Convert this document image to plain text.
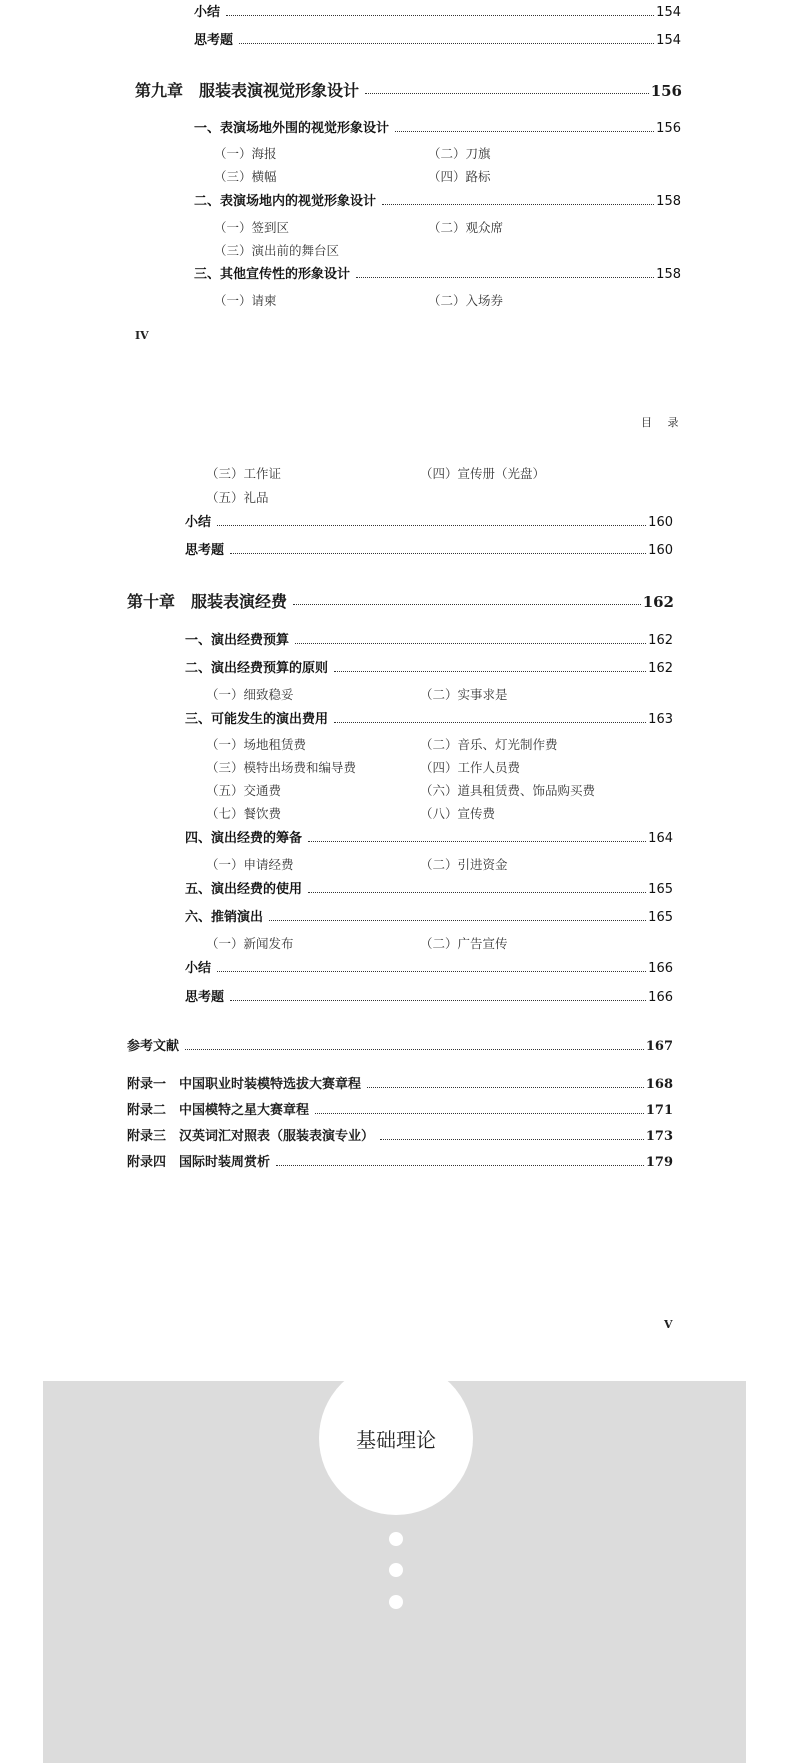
小结	154
思考题	154
第九章　服装表演视觉形象设计	156
一、表演场地外围的视觉形象设计	156
（一）海报	（二）刀旗
（三）横幅	（四）路标
二、表演场地内的视觉形象设计	158
（一）签到区	（二）观众席
（三）演出前的舞台区
三、其他宣传性的形象设计	158
（一）请柬	（二）入场券
IV
目 录
（三）工作证	（四）宣传册（光盘）
（五）礼品
小结	160
思考题	160
第十章　服装表演经费	162
一、演出经费预算	162
二、演出经费预算的原则	162
（一）细致稳妥	（二）实事求是
三、可能发生的演出费用	163
（一）场地租赁费	（二）音乐、灯光制作费
（三）模特出场费和编导费	（四）工作人员费
（五）交通费	（六）道具租赁费、饰品购买费
（七）餐饮费	（八）宣传费
四、演出经费的筹备	164
（一）申请经费	（二）引进资金
五、演出经费的使用	165
六、推销演出	165
（一）新闻发布	（二）广告宣传
小结	166
思考题	166
参考文献	167
附录一　中国职业时装模特选拔大赛章程	168
附录二　中国模特之星大赛章程	171
附录三　汉英词汇对照表（服装表演专业）	173
附录四　国际时装周赏析	179
V
基础理论
